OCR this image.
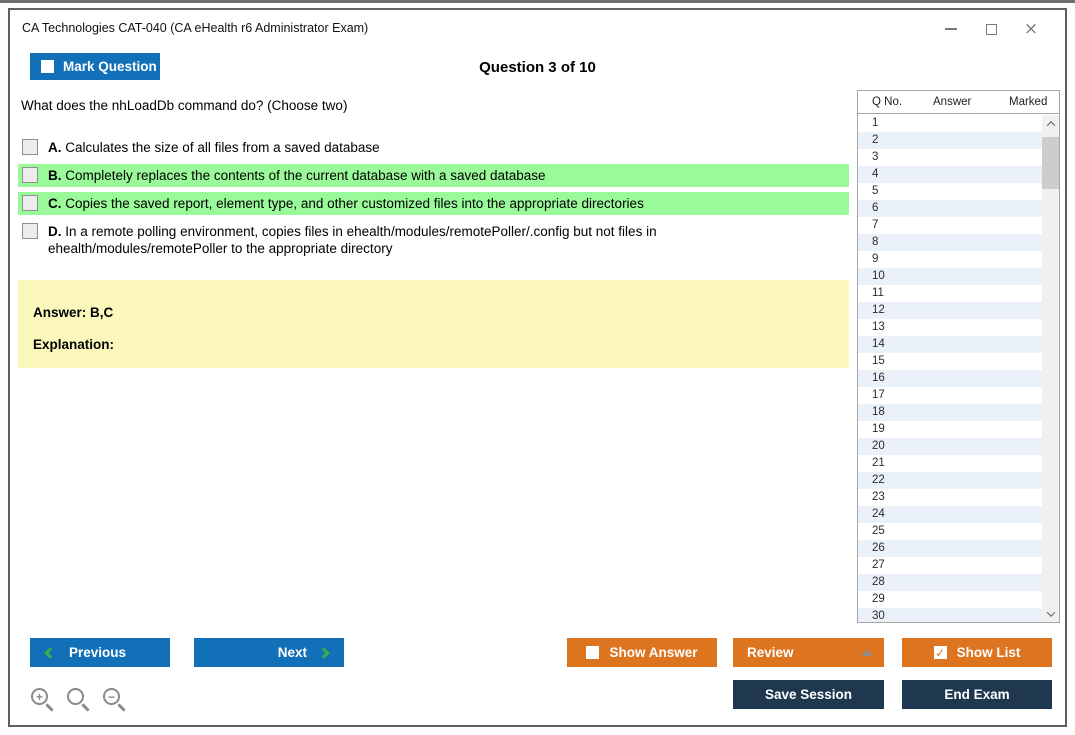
CA Technologies CAT-040 (CA eHealth r6 Administrator Exam)	×
Mark Question	Question 3 of 10
What does the nhLoadDb command do? (Choose two)
A. Calculates the size of all files from a saved database
B. Completely replaces the contents of the current database with a saved database
C. Copies the saved report, element type, and other customized files into the appropriate directories
D. In a remote polling environment, copies files in ehealth/modules/remotePoller/.config but not files in ehealth/modules/remotePoller to the appropriate directory
Answer: B,C
Explanation:
Q No.	Answer	Marked
1
2
3
4
5
6
7
8
9
10
11
12
13
14
15
16
17
18
19
20
21
22
23
24
25
26
27
28
29
30
Previous	Next	Show Answer	Review	✓ Show List
Save Session	End Exam
+	−
